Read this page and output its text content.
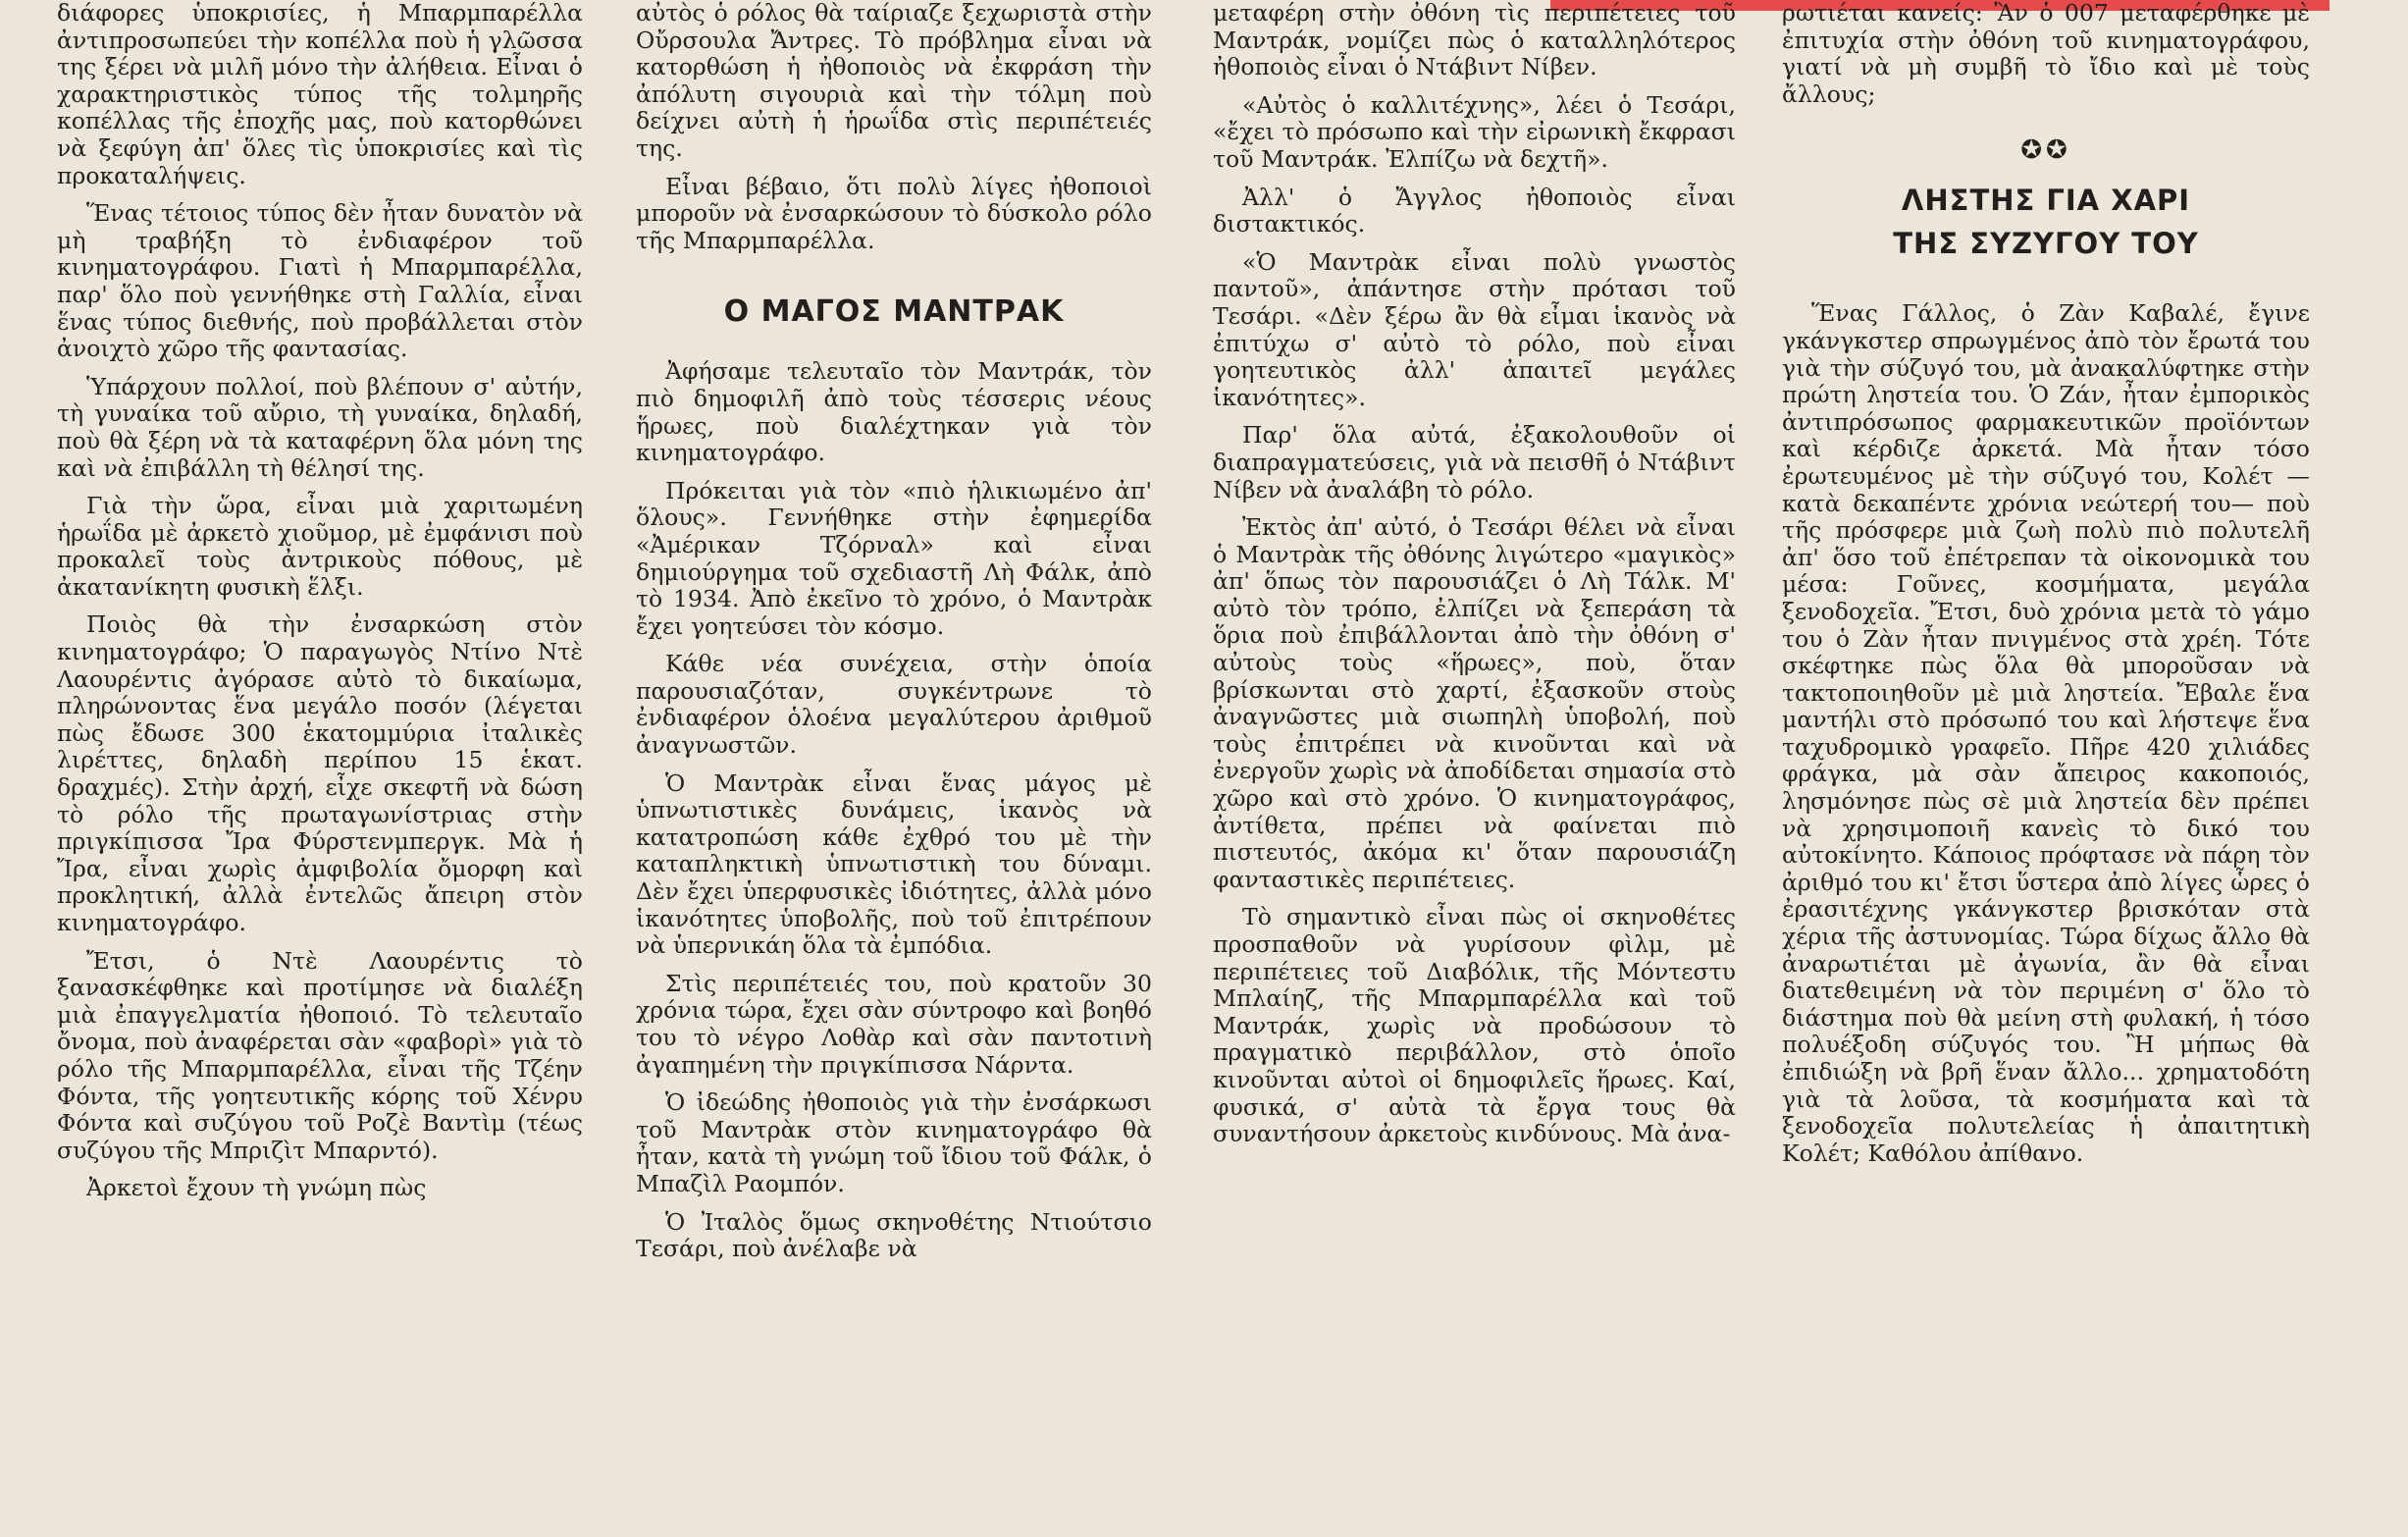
διάφορες ὑποκρισίες, ἡ Μπαρμπαρέλλα ἀντιπροσωπεύει τὴν κοπέλλα ποὺ ἡ γλῶσσα της ξέρει νὰ μιλῆ μόνο τὴν ἀλήθεια. Εἶναι ὁ χαρακτηριστικὸς τύπος τῆς τολμηρῆς κοπέλλας τῆς ἐποχῆς μας, ποὺ κατορθώνει νὰ ξεφύγη ἀπ' ὅλες τὶς ὑποκρισίες καὶ τὶς προκαταλήψεις.

Ἕνας τέτοιος τύπος δὲν ἦταν δυνατὸν νὰ μὴ τραβήξη τὸ ἐνδιαφέρον τοῦ κινηματογράφου. Γιατὶ ἡ Μπαρμπαρέλλα, παρ' ὅλο ποὺ γεννήθηκε στὴ Γαλλία, εἶναι ἕνας τύπος διεθνής, ποὺ προβάλλεται στὸν ἀνοιχτὸ χῶρο τῆς φαντασίας.

Ὑπάρχουν πολλοί, ποὺ βλέπουν σ' αὐτήν, τὴ γυναίκα τοῦ αὔριο, τὴ γυναίκα, δηλαδή, ποὺ θὰ ξέρη νὰ τὰ καταφέρνη ὅλα μόνη της καὶ νὰ ἐπιβάλλη τὴ θέλησί της.

Γιὰ τὴν ὥρα, εἶναι μιὰ χαριτωμένη ἡρωΐδα μὲ ἀρκετὸ χιοῦμορ, μὲ ἐμφάνισι ποὺ προκαλεῖ τοὺς ἀντρικοὺς πόθους, μὲ ἀκατανίκητη φυσικὴ ἕλξι.

Ποιὸς θὰ τὴν ἐνσαρκώση στὸν κινηματογράφο; Ὁ παραγωγὸς Ντίνο Ντὲ Λαουρέντις ἀγόρασε αὐτὸ τὸ δικαίωμα, πληρώνοντας ἕνα μεγάλο ποσόν (λέγεται πὼς ἔδωσε 300 ἑκατομμύρια ἰταλικὲς λιρέττες, δηλαδὴ περίπου 15 ἑκατ. δραχμές). Στὴν ἀρχή, εἶχε σκεφτῆ νὰ δώση τὸ ρόλο τῆς πρωταγωνίστριας στὴν πριγκίπισσα Ἴρα Φύρστενμπεργκ. Μὰ ἡ Ἴρα, εἶναι χωρὶς ἀμφιβολία ὄμορφη καὶ προκλητική, ἀλλὰ ἐντελῶς ἄπειρη στὸν κινηματογράφο.

Ἔτσι, ὁ Ντὲ Λαουρέντις τὸ ξανασκέφθηκε καὶ προτίμησε νὰ διαλέξη μιὰ ἐπαγγελματία ἠθοποιό. Τὸ τελευταῖο ὄνομα, ποὺ ἀναφέρεται σὰν «φαβορὶ» γιὰ τὸ ρόλο τῆς Μπαρμπαρέλλα, εἶναι τῆς Τζέην Φόντα, τῆς γοητευτικῆς κόρης τοῦ Χένρυ Φόντα καὶ συζύγου τοῦ Ροζὲ Βαντὶμ (τέως συζύγου τῆς Μπριζὶτ Μπαρντό).

Ἀρκετοὶ ἔχουν τὴ γνώμη πὼς

αὐτὸς ὁ ρόλος θὰ ταίριαζε ξεχωριστὰ στὴν Οὔρσουλα Ἄντρες. Τὸ πρόβλημα εἶναι νὰ κατορθώση ἡ ἠθοποιὸς νὰ ἐκφράση τὴν ἀπόλυτη σιγουριὰ καὶ τὴν τόλμη ποὺ δείχνει αὐτὴ ἡ ἡρωΐδα στὶς περιπέτειές της.

Εἶναι βέβαιο, ὅτι πολὺ λίγες ἠθοποιοὶ μποροῦν νὰ ἐνσαρκώσουν τὸ δύσκολο ρόλο τῆς Μπαρμπαρέλλα.

Ο ΜΑΓΟΣ ΜΑΝΤΡΑΚ

Ἀφήσαμε τελευταῖο τὸν Μαντράκ, τὸν πιὸ δημοφιλῆ ἀπὸ τοὺς τέσσερις νέους ἥρωες, ποὺ διαλέχτηκαν γιὰ τὸν κινηματογράφο.

Πρόκειται γιὰ τὸν «πιὸ ἡλικιωμένο ἀπ' ὅλους». Γεννήθηκε στὴν ἐφημερίδα «Ἀμέρικαν Τζόρναλ» καὶ εἶναι δημιούργημα τοῦ σχεδιαστῆ Λὴ Φάλκ, ἀπὸ τὸ 1934. Ἀπὸ ἐκεῖνο τὸ χρόνο, ὁ Μαντρὰκ ἔχει γοητεύσει τὸν κόσμο.

Κάθε νέα συνέχεια, στὴν ὁποία παρουσιαζόταν, συγκέντρωνε τὸ ἐνδιαφέρον ὁλοένα μεγαλύτερου ἀριθμοῦ ἀναγνωστῶν.

Ὁ Μαντρὰκ εἶναι ἕνας μάγος μὲ ὑπνωτιστικὲς δυνάμεις, ἱκανὸς νὰ κατατροπώση κάθε ἐχθρό του μὲ τὴν καταπληκτικὴ ὑπνωτιστικὴ του δύναμι. Δὲν ἔχει ὑπερφυσικὲς ἰδιότητες, ἀλλὰ μόνο ἱκανότητες ὑποβολῆς, ποὺ τοῦ ἐπιτρέπουν νὰ ὑπερνικάη ὅλα τὰ ἐμπόδια.

Στὶς περιπέτειές του, ποὺ κρατοῦν 30 χρόνια τώρα, ἔχει σὰν σύντροφο καὶ βοηθό του τὸ νέγρο Λοθὰρ καὶ σὰν παντοτινὴ ἀγαπημένη τὴν πριγκίπισσα Νάρντα.

Ὁ ἰδεώδης ἠθοποιὸς γιὰ τὴν ἐνσάρκωσι τοῦ Μαντρὰκ στὸν κινηματογράφο θὰ ἦταν, κατὰ τὴ γνώμη τοῦ ἴδιου τοῦ Φάλκ, ὁ Μπαζὶλ Ραομπόν.

Ὁ Ἰταλὸς ὅμως σκηνοθέτης Ντιούτσιο Τεσάρι, ποὺ ἀνέλαβε νὰ

μεταφέρη στὴν ὀθόνη τὶς περιπέτειες τοῦ Μαντράκ, νομίζει πὼς ὁ καταλληλότερος ἠθοποιὸς εἶναι ὁ Ντάβιντ Νίβεν.

«Αὐτὸς ὁ καλλιτέχνης», λέει ὁ Τεσάρι, «ἔχει τὸ πρόσωπο καὶ τὴν εἰρωνικὴ ἔκφρασι τοῦ Μαντράκ. Ἐλπίζω νὰ δεχτῆ».

Ἀλλ' ὁ Ἄγγλος ἠθοποιὸς εἶναι διστακτικός.

«Ὁ Μαντρὰκ εἶναι πολὺ γνωστὸς παντοῦ», ἀπάντησε στὴν πρότασι τοῦ Τεσάρι. «Δὲν ξέρω ἂν θὰ εἶμαι ἱκανὸς νὰ ἐπιτύχω σ' αὐτὸ τὸ ρόλο, ποὺ εἶναι γοητευτικὸς ἀλλ' ἀπαιτεῖ μεγάλες ἱκανότητες».

Παρ' ὅλα αὐτά, ἐξακολουθοῦν οἱ διαπραγματεύσεις, γιὰ νὰ πεισθῆ ὁ Ντάβιντ Νίβεν νὰ ἀναλάβη τὸ ρόλο.

Ἐκτὸς ἀπ' αὐτό, ὁ Τεσάρι θέλει νὰ εἶναι ὁ Μαντρὰκ τῆς ὀθόνης λιγώτερο «μαγικὸς» ἀπ' ὅπως τὸν παρουσιάζει ὁ Λὴ Τάλκ. Μ' αὐτὸ τὸν τρόπο, ἐλπίζει νὰ ξεπεράση τὰ ὅρια ποὺ ἐπιβάλλονται ἀπὸ τὴν ὀθόνη σ' αὐτοὺς τοὺς «ἥρωες», ποὺ, ὅταν βρίσκωνται στὸ χαρτί, ἐξασκοῦν στοὺς ἀναγνῶστες μιὰ σιωπηλὴ ὑποβολή, ποὺ τοὺς ἐπιτρέπει νὰ κινοῦνται καὶ νὰ ἐνεργοῦν χωρὶς νὰ ἀποδίδεται σημασία στὸ χῶρο καὶ στὸ χρόνο. Ὁ κινηματογράφος, ἀντίθετα, πρέπει νὰ φαίνεται πιὸ πιστευτός, ἀκόμα κι' ὅταν παρουσιάζη φανταστικὲς περιπέτειες.

Τὸ σημαντικὸ εἶναι πὼς οἱ σκηνοθέτες προσπαθοῦν νὰ γυρίσουν φὶλμ, μὲ περιπέτειες τοῦ Διαβόλικ, τῆς Μόντεστυ Μπλαίηζ, τῆς Μπαρμπαρέλλα καὶ τοῦ Μαντράκ, χωρὶς νὰ προδώσουν τὸ πραγματικὸ περιβάλλον, στὸ ὁποῖο κινοῦνται αὐτοὶ οἱ δημοφιλεῖς ἥρωες. Καί, φυσικά, σ' αὐτὰ τὰ ἔργα τους θὰ συναντήσουν ἀρκετοὺς κινδύνους. Μὰ ἀνα-

ρωτιέται κανείς: Ἂν ὁ 007 μεταφέρθηκε μὲ ἐπιτυχία στὴν ὀθόνη τοῦ κινηματογράφου, γιατί νὰ μὴ συμβῆ τὸ ἴδιο καὶ μὲ τοὺς ἄλλους;

✪✪
ΛΗΣΤΗΣ ΓΙΑ ΧΑΡΙ
ΤΗΣ ΣΥΖΥΓΟΥ ΤΟΥ

Ἕνας Γάλλος, ὁ Ζὰν Καβαλέ, ἔγινε γκάνγκστερ σπρωγμένος ἀπὸ τὸν ἔρωτά του γιὰ τὴν σύζυγό του, μὰ ἀνακαλύφτηκε στὴν πρώτη ληστεία του. Ὁ Ζάν, ἦταν ἐμπορικὸς ἀντιπρόσωπος φαρμακευτικῶν προϊόντων καὶ κέρδιζε ἀρκετά. Μὰ ἦταν τόσο ἐρωτευμένος μὲ τὴν σύζυγό του, Κολέτ —κατὰ δεκαπέντε χρόνια νεώτερή του— ποὺ τῆς πρόσφερε μιὰ ζωὴ πολὺ πιὸ πολυτελῆ ἀπ' ὅσο τοῦ ἐπέτρεπαν τὰ οἰκονομικὰ του μέσα: Γοῦνες, κοσμήματα, μεγάλα ξενοδοχεῖα. Ἔτσι, δυὸ χρόνια μετὰ τὸ γάμο του ὁ Ζὰν ἦταν πνιγμένος στὰ χρέη. Τότε σκέφτηκε πὼς ὅλα θὰ μποροῦσαν νὰ τακτοποιηθοῦν μὲ μιὰ ληστεία. Ἔβαλε ἕνα μαντήλι στὸ πρόσωπό του καὶ λήστεψε ἕνα ταχυδρομικὸ γραφεῖο. Πῆρε 420 χιλιάδες φράγκα, μὰ σὰν ἄπειρος κακοποιός, λησμόνησε πὼς σὲ μιὰ ληστεία δὲν πρέπει νὰ χρησιμοποιῆ κανεὶς τὸ δικό του αὐτοκίνητο. Κάποιος πρόφτασε νὰ πάρη τὸν ἀριθμό του κι' ἔτσι ὕστερα ἀπὸ λίγες ὧρες ὁ ἐρασιτέχνης γκάνγκστερ βρισκόταν στὰ χέρια τῆς ἀστυνομίας. Τώρα δίχως ἄλλο θὰ ἀναρωτιέται μὲ ἀγωνία, ἂν θὰ εἶναι διατεθειμένη νὰ τὸν περιμένη σ' ὅλο τὸ διάστημα ποὺ θὰ μείνη στὴ φυλακή, ἡ τόσο πολυέξοδη σύζυγός του. Ἢ μήπως θὰ ἐπιδιώξη νὰ βρῆ ἕναν ἄλλο... χρηματοδότη γιὰ τὰ λοῦσα, τὰ κοσμήματα καὶ τὰ ξενοδοχεῖα πολυτελείας ἡ ἀπαιτητικὴ Κολέτ; Καθόλου ἀπίθανο.
